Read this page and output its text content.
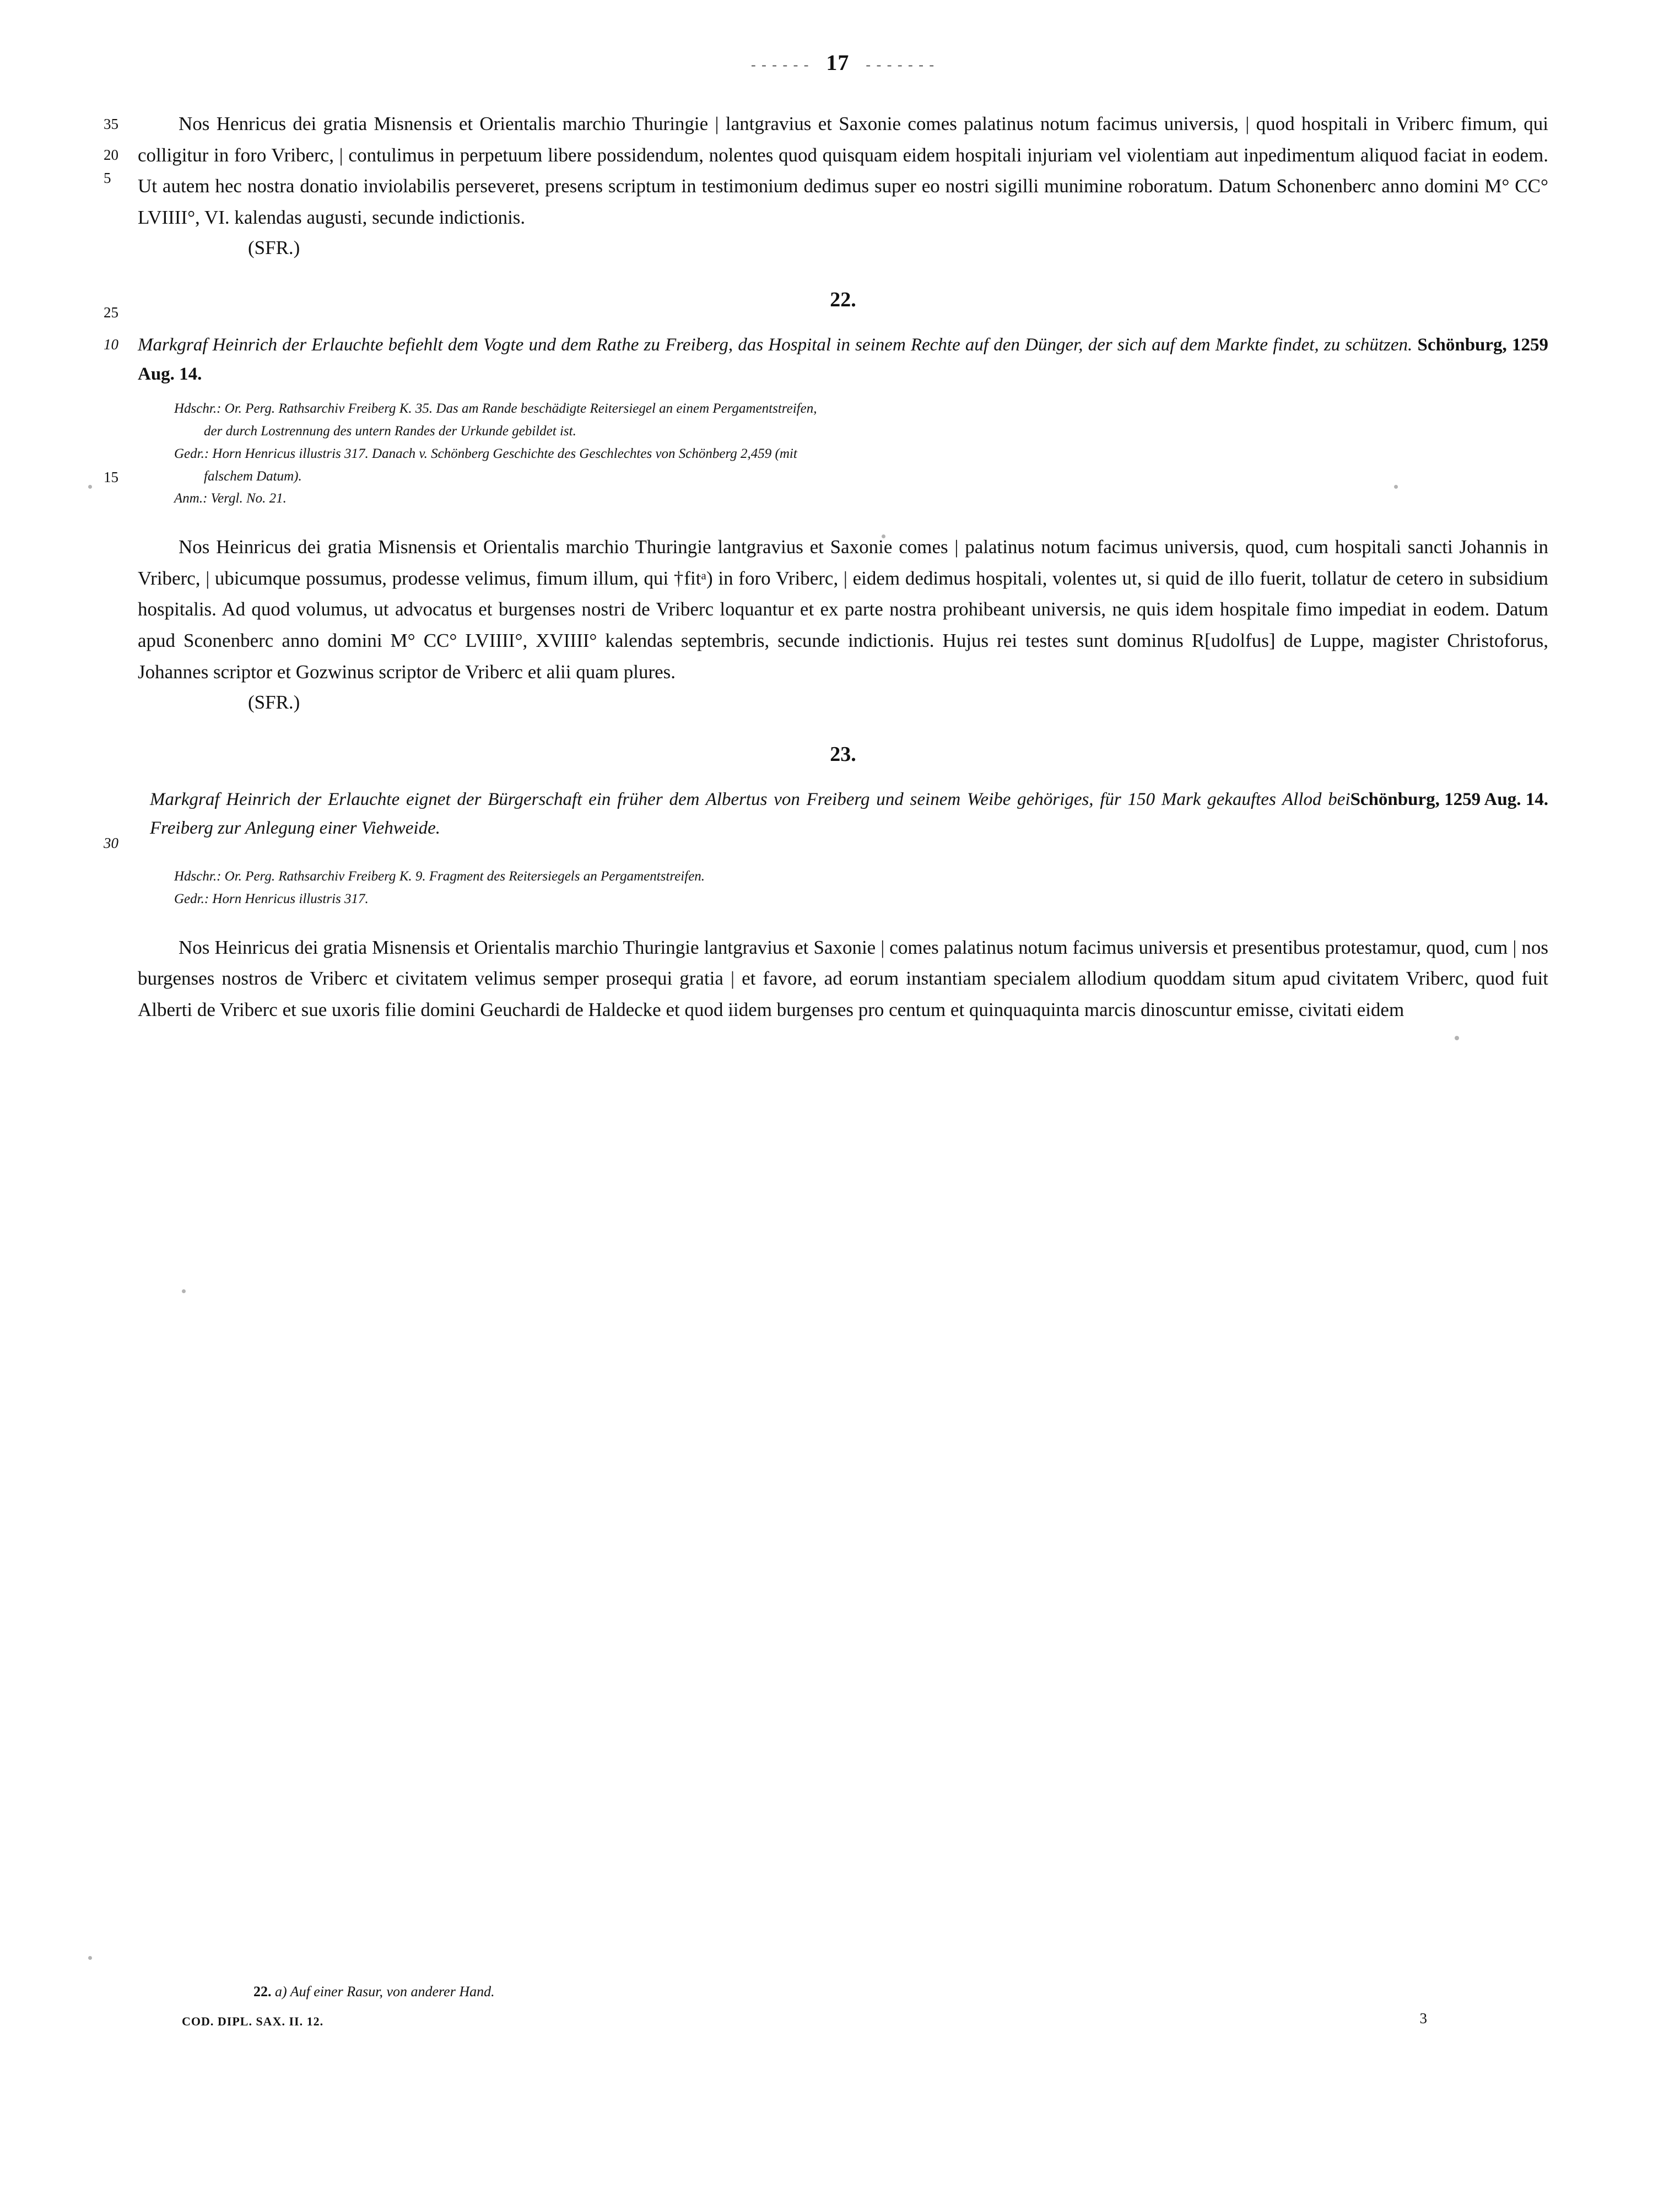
- - - - - - 17 - - - - - - -

Nos Henricus dei gratia Misnensis et Orientalis marchio Thuringie | lantgravius et Saxonie comes palatinus notum facimus universis, | quod hospitali in Vriberc fimum, qui colligitur in foro Vriberc, | contulimus in perpetuum libere possidendum, nolentes quod quisquam eidem hospitali injuriam vel violentiam aut inpedimentum aliquod faciat in eodem. Ut autem hec nostra donatio inviolabilis perseveret, presens scriptum in testimonium dedimus super eo nostri sigilli munimine roboratum. Datum Schonenberc anno domini M° CC° LVIIII°, VI. kalendas augusti, secunde indictionis.

5
(SFR.)
22.
10 Markgraf Heinrich der Erlauchte befiehlt dem Vogte und dem Rathe zu Freiberg, das Hospital in seinem Rechte auf den Dünger, der sich auf dem Markte findet, zu schützen. Schönburg, 1259 Aug. 14.
Hdschr.: Or. Perg. Rathsarchiv Freiberg K. 35. Das am Rande beschädigte Reitersiegel an einem Pergamentstreifen,
der durch Lostrennung des untern Randes der Urkunde gebildet ist.
Gedr.: Horn Henricus illustris 317. Danach v. Schönberg Geschichte des Geschlechtes von Schönberg 2,459 (mit
15	falschem Datum).
Anm.: Vergl. No. 21.

Nos Heinricus dei gratia Misnensis et Orientalis marchio Thuringie lantgravius et Saxonie comes | palatinus notum facimus universis, quod, cum hospitali sancti Johannis in Vriberc, | ubicumque possumus, prodesse velimus, fimum illum, qui †fitᵃ) in foro Vriberc, | eidem dedimus hospitali, volentes ut, si quid de illo fuerit, tollatur de cetero in subsidium hospitalis. Ad quod volumus, ut advocatus et burgenses nostri de Vriberc loquantur et ex parte nostra prohibeant universis, ne quis idem hospitale fimo impediat in eodem. Datum apud Sconenberc anno domini M° CC° LVIIII°, XVIIII° kalendas septembris, secunde indictionis. Hujus rei testes sunt dominus R[udolfus] de Luppe, magister Christoforus, Johannes scriptor et Gozwinus scriptor de Vriberc et alii quam plures.

20
25
(SFR.)
23.
30
Schönburg, 1259 Aug. 14.
Markgraf Heinrich der Erlauchte eignet der Bürgerschaft ein früher dem Albertus von Freiberg und seinem Weibe gehöriges, für 150 Mark gekauftes Allod bei Freiberg zur Anlegung einer Viehweide.
Hdschr.: Or. Perg. Rathsarchiv Freiberg K. 9. Fragment des Reitersiegels an Pergamentstreifen.
Gedr.: Horn Henricus illustris 317.

Nos Heinricus dei gratia Misnensis et Orientalis marchio Thuringie lantgravius et Saxonie | comes palatinus notum facimus universis et presentibus protestamur, quod, cum | nos burgenses nostros de Vriberc et civitatem velimus semper prosequi gratia | et favore, ad eorum instantiam specialem allodium quoddam situm apud civitatem Vriberc, quod fuit Alberti de Vriberc et sue uxoris filie domini Geuchardi de Haldecke et quod iidem burgenses pro centum et quinquaquinta marcis dinoscuntur emisse, civitati eidem

35
22. a) Auf einer Rasur, von anderer Hand.
COD. DIPL. SAX. II. 12.	3
